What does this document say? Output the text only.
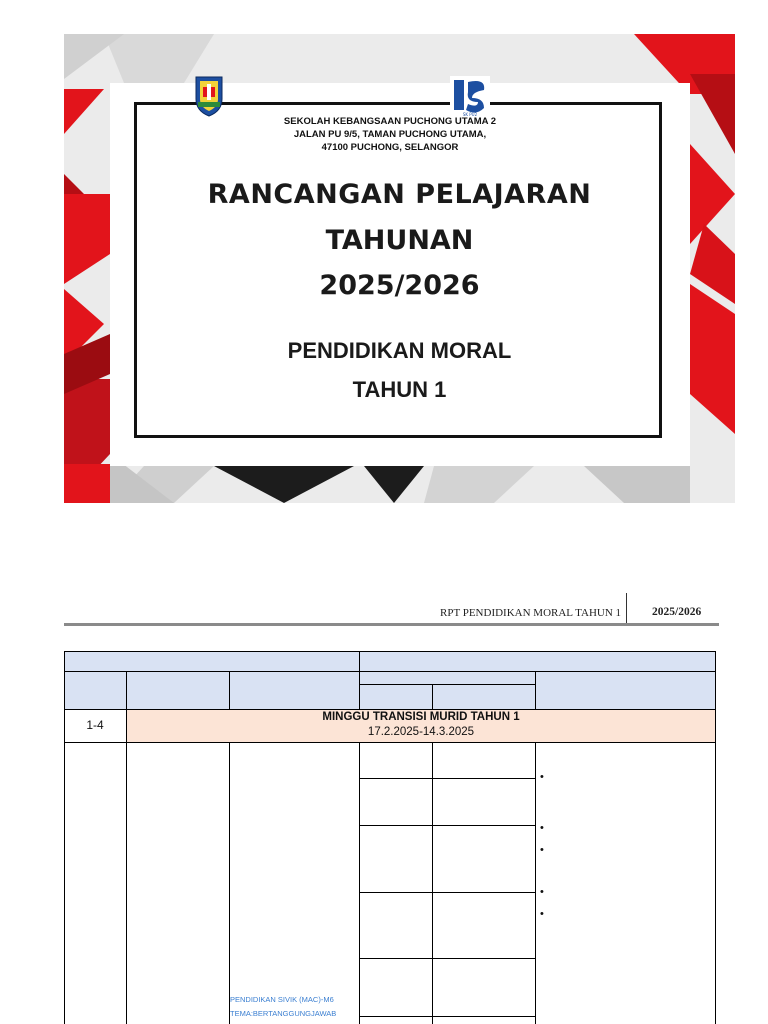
SK PU2
SEKOLAH KEBANGSAAN PUCHONG UTAMA 2
JALAN PU 9/5, TAMAN PUCHONG UTAMA,
47100 PUCHONG, SELANGOR
RANCANGAN PELAJARAN
TAHUNAN
2025/2026
PENDIDIKAN MORAL
TAHUN 1
RPT PENDIDIKAN MORAL TAHUN 1	2025/2026
1-4
MINGGU TRANSISI MURID TAHUN 1
17.2.2025-14.3.2025
•
•
•
•
•
PENDIDIKAN SIVIK (MAC)-M6
TEMA:BERTANGGUNGJAWAB
